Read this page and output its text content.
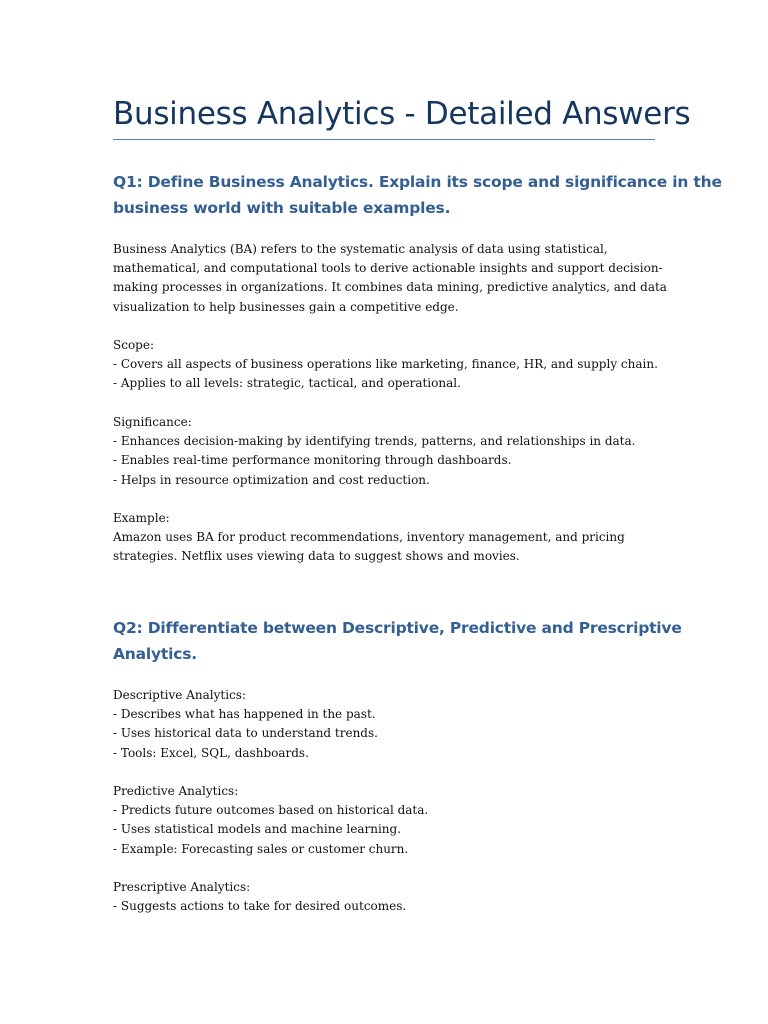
Business Analytics - Detailed Answers
Q1: Define Business Analytics. Explain its scope and significance in the
business world with suitable examples.
Business Analytics (BA) refers to the systematic analysis of data using statistical,
mathematical, and computational tools to derive actionable insights and support decision-
making processes in organizations. It combines data mining, predictive analytics, and data
visualization to help businesses gain a competitive edge.
Scope:
- Covers all aspects of business operations like marketing, finance, HR, and supply chain.
- Applies to all levels: strategic, tactical, and operational.
Significance:
- Enhances decision-making by identifying trends, patterns, and relationships in data.
- Enables real-time performance monitoring through dashboards.
- Helps in resource optimization and cost reduction.
Example:
Amazon uses BA for product recommendations, inventory management, and pricing
strategies. Netflix uses viewing data to suggest shows and movies.
Q2: Differentiate between Descriptive, Predictive and Prescriptive
Analytics.
Descriptive Analytics:
- Describes what has happened in the past.
- Uses historical data to understand trends.
- Tools: Excel, SQL, dashboards.
Predictive Analytics:
- Predicts future outcomes based on historical data.
- Uses statistical models and machine learning.
- Example: Forecasting sales or customer churn.
Prescriptive Analytics:
- Suggests actions to take for desired outcomes.
